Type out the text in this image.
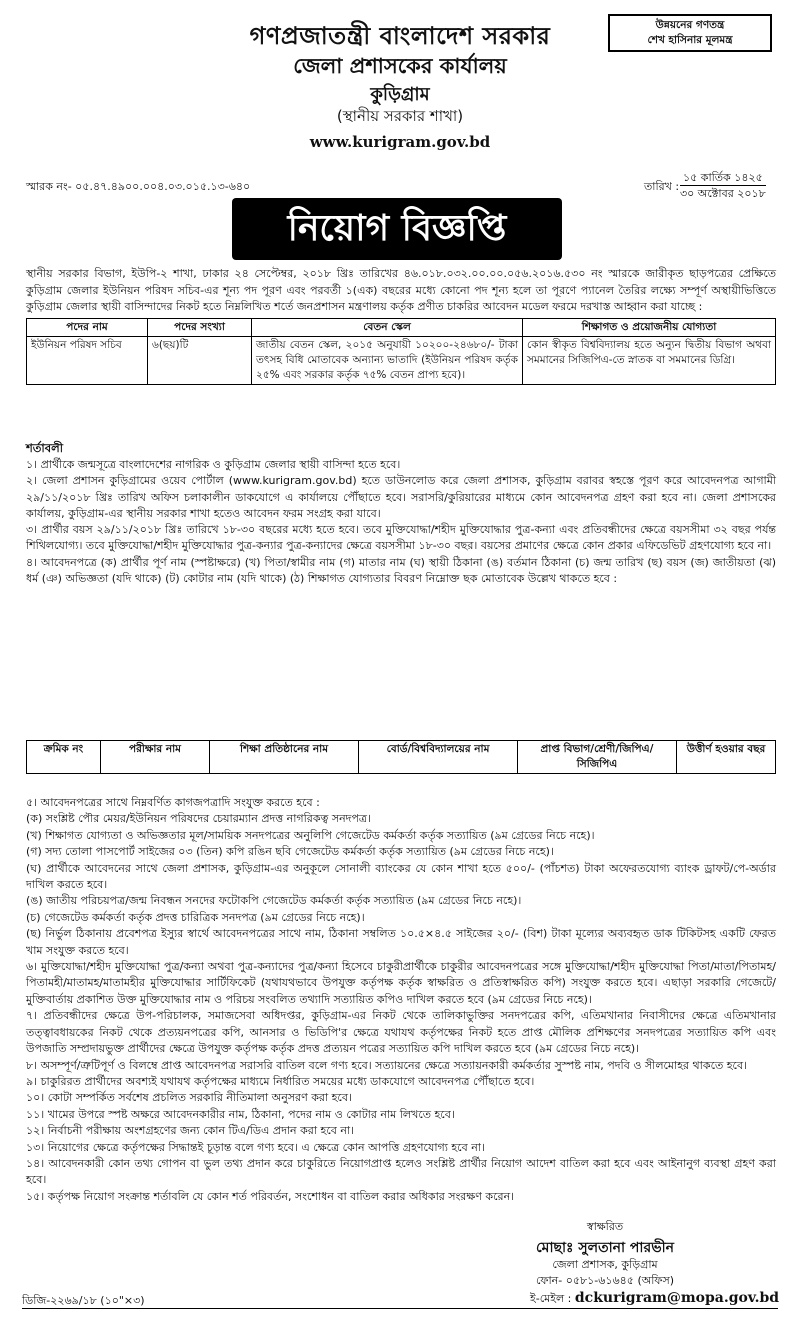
গণপ্রজাতন্ত্রী বাংলাদেশ সরকার
জেলা প্রশাসকের কার্যালয়
কুড়িগ্রাম
(স্থানীয় সরকার শাখা)
www.kurigram.gov.bd
উন্নয়নের গণতন্ত্র
শেখ হাসিনার মূলমন্ত্র
স্মারক নং- ০৫.৪৭.৪৯০০.০০৪.০৩.০১৫.১৩-৬৪০	তারিখ :
১৫ কার্তিক ১৪২৫
৩০ অক্টোবর ২০১৮
নিয়োগ বিজ্ঞপ্তি
স্থানীয় সরকার বিভাগ, ইউপি-২ শাখা, ঢাকার ২৪ সেপ্টেম্বর, ২০১৮ খ্রিঃ তারিখের ৪৬.০১৮.০৩২.০০.০০.০৫৬.২০১৬.৫৩০ নং স্মারকে জারীকৃত ছাড়পত্রের প্রেক্ষিতে কুড়িগ্রাম জেলার ইউনিয়ন পরিষদ সচিব-এর শূন্য পদ পূরণ এবং পরবর্তী ১(এক) বছরের মধ্যে কোনো পদ শূন্য হলে তা পূরণে প্যানেল তৈরির লক্ষ্যে সম্পূর্ণ অস্থায়ীভিত্তিতে কুড়িগ্রাম জেলার স্থায়ী বাসিন্দাদের নিকট হতে নিম্নলিখিত শর্তে জনপ্রশাসন মন্ত্রণালয় কর্তৃক প্রণীত চাকরির আবেদন মডেল ফরমে দরখাস্ত আহ্বান করা যাচ্ছে :
পদের নাম	পদের সংখ্যা	বেতন স্কেল	শিক্ষাগত ও প্রয়োজনীয় যোগ্যতা
ইউনিয়ন পরিষদ সচিব	৬(ছয়)টি	জাতীয় বেতন স্কেল, ২০১৫ অনুযায়ী ১০২০০-২৪৬৮০/- টাকা তৎসহ বিধি মোতাবেক অন্যান্য ভাতাদি (ইউনিয়ন পরিষদ কর্তৃক ২৫% এবং সরকার কর্তৃক ৭৫% বেতন প্রাপ্য হবে)।	কোন স্বীকৃত বিশ্ববিদ্যালয় হতে অন্যুন দ্বিতীয় বিভাগ অথবা সমমানের সিজিপিএ-তে স্নাতক বা সমমানের ডিগ্রি।
শর্তাবলী

১। প্রার্থীকে জন্মসূত্রে বাংলাদেশের নাগরিক ও কুড়িগ্রাম জেলার স্থায়ী বাসিন্দা হতে হবে।

২। জেলা প্রশাসন কুড়িগ্রামের ওয়েব পোর্টাল (www.kurigram.gov.bd) হতে ডাউনলোড করে জেলা প্রশাসক, কুড়িগ্রাম বরাবর স্বহস্তে পূরণ করে আবেদনপত্র আগামী ২৯/১১/২০১৮ খ্রিঃ তারিখ অফিস চলাকালীন ডাকযোগে এ কার্যালয়ে পৌঁছাতে হবে। সরাসরি/কুরিয়ারের মাধ্যমে কোন আবেদনপত্র গ্রহণ করা হবে না। জেলা প্রশাসকের কার্যালয়, কুড়িগ্রাম-এর স্থানীয় সরকার শাখা হতেও আবেদন ফরম সংগ্রহ করা যাবে।

৩। প্রার্থীর বয়স ২৯/১১/২০১৮ খ্রিঃ তারিখে ১৮-৩০ বছরের মধ্যে হতে হবে। তবে মুক্তিযোদ্ধা/শহীদ মুক্তিযোদ্ধার পুত্র-কন্যা এবং প্রতিবন্ধীদের ক্ষেত্রে বয়সসীমা ৩২ বছর পর্যন্ত শিথিলযোগ্য। তবে মুক্তিযোদ্ধা/শহীদ মুক্তিযোদ্ধার পুত্র-কন্যার পুত্র-কন্যাদের ক্ষেত্রে বয়সসীমা ১৮-৩০ বছর। বয়সের প্রমাণের ক্ষেত্রে কোন প্রকার এফিডেভিট গ্রহণযোগ্য হবে না।

৪। আবেদনপত্রে (ক) প্রার্থীর পূর্ণ নাম (স্পষ্টাক্ষরে) (খ) পিতা/স্বামীর নাম (গ) মাতার নাম (ঘ) স্থায়ী ঠিকানা (ঙ) বর্তমান ঠিকানা (চ) জন্ম তারিখ (ছ) বয়স (জ) জাতীয়তা (ঝ) ধর্ম (ঞ) অভিজ্ঞতা (যদি থাকে) (ট) কোটার নাম (যদি থাকে) (ঠ) শিক্ষাগত যোগ্যতার বিবরণ নিম্নোক্ত ছক মোতাবেক উল্লেখ থাকতে হবে :

ক্রমিক নং	পরীক্ষার নাম	শিক্ষা প্রতিষ্ঠানের নাম	বোর্ড/বিশ্ববিদ্যালয়ের নাম	প্রাপ্ত বিভাগ/শ্রেণী/জিপিএ/ সিজিপিএ	উত্তীর্ণ হওয়ার বছর

৫। আবেদনপত্রের সাথে নিম্নবর্ণিত কাগজপত্রাদি সংযুক্ত করতে হবে :

(ক) সংশ্লিষ্ট পৌর মেয়র/ইউনিয়ন পরিষদের চেয়ারম্যান প্রদত্ত নাগরিকত্ব সনদপত্র।

(খ) শিক্ষাগত যোগ্যতা ও অভিজ্ঞতার মূল/সাময়িক সনদপত্রের অনুলিপি গেজেটেড কর্মকর্তা কর্তৃক সত্যায়িত (৯ম গ্রেডের নিচে নহে)।

(গ) সদ্য তোলা পাসপোর্ট সাইজের ০৩ (তিন) কপি রঙিন ছবি গেজেটেড কর্মকর্তা কর্তৃক সত্যায়িত (৯ম গ্রেডের নিচে নহে)।

(ঘ) প্রার্থীকে আবেদনের সাথে জেলা প্রশাসক, কুড়িগ্রাম-এর অনুকূলে সোনালী ব্যাংকের যে কোন শাখা হতে ৫০০/- (পাঁচশত) টাকা অফেরতযোগ্য ব্যাংক ড্রাফট/পে-অর্ডার দাখিল করতে হবে।

(ঙ) জাতীয় পরিচয়পত্র/জন্ম নিবন্ধন সনদের ফটোকপি গেজেটেড কর্মকর্তা কর্তৃক সত্যায়িত (৯ম গ্রেডের নিচে নহে)।

(চ) গেজেটেড কর্মকর্তা কর্তৃক প্রদত্ত চারিত্রিক সনদপত্র (৯ম গ্রেডের নিচে নহে)।

(ছ) নির্ভুল ঠিকানায় প্রবেশপত্র ইস্যুর স্বার্থে আবেদনপত্রের সাথে নাম, ঠিকানা সম্বলিত ১০.৫×৪.৫ সাইজের ২০/- (বিশ) টাকা মূল্যের অব্যবহৃত ডাক টিকিটসহ একটি ফেরত খাম সংযুক্ত করতে হবে।

৬। মুক্তিযোদ্ধা/শহীদ মুক্তিযোদ্ধা পুত্র/কন্যা অথবা পুত্র-কন্যাদের পুত্র/কন্যা হিসেবে চাকুরীপ্রার্থীকে চাকুরীর আবেদনপত্রের সঙ্গে মুক্তিযোদ্ধা/শহীদ মুক্তিযোদ্ধা পিতা/মাতা/পিতামহ/পিতামহী/মাতামহ/মাতামহীর মুক্তিযোদ্ধার সার্টিফিকেট (যথাযথভাবে উপযুক্ত কর্তৃপক্ষ কর্তৃক স্বাক্ষরিত ও প্রতিস্বাক্ষরিত কপি) সংযুক্ত করতে হবে। এছাড়া সরকারি গেজেটে/মুক্তিবার্তায় প্রকাশিত উক্ত মুক্তিযোদ্ধার নাম ও পরিচয় সংবলিত তথ্যাদি সত্যায়িত কপিও দাখিল করতে হবে (৯ম গ্রেডের নিচে নহে)।

৭। প্রতিবন্ধীদের ক্ষেত্রে উপ-পরিচালক, সমাজসেবা অধিদপ্তর, কুড়িগ্রাম-এর নিকট থেকে তালিকাভুক্তির সনদপত্রের কপি, এতিমখানার নিবাসীদের ক্ষেত্রে এতিমখানার তত্ত্বাবধায়কের নিকট থেকে প্রত্যয়নপত্রের কপি, আনসার ও ভিডিপি'র ক্ষেত্রে যথাযথ কর্তৃপক্ষের নিকট হতে প্রাপ্ত মৌলিক প্রশিক্ষণের সনদপত্রের সত্যায়িত কপি এবং উপজাতি সম্প্রদায়ভুক্ত প্রার্থীদের ক্ষেত্রে উপযুক্ত কর্তৃপক্ষ কর্তৃক প্রদত্ত প্রত্যয়ন পত্রের সত্যায়িত কপি দাখিল করতে হবে (৯ম গ্রেডের নিচে নহে)।

৮। অসম্পূর্ণ/ত্রুটিপূর্ণ ও বিলম্বে প্রাপ্ত আবেদনপত্র সরাসরি বাতিল বলে গণ্য হবে। সত্যায়নের ক্ষেত্রে সত্যায়নকারী কর্মকর্তার সুস্পষ্ট নাম, পদবি ও সীলমোহর থাকতে হবে।

৯। চাকুরিরত প্রার্থীদের অবশ্যই যথাযথ কর্তৃপক্ষের মাধ্যমে নির্ধারিত সময়ের মধ্যে ডাকযোগে আবেদনপত্র পৌঁছাতে হবে।

১০। কোটা সম্পর্কিত সর্বশেষ প্রচলিত সরকারি নীতিমালা অনুসরণ করা হবে।

১১। খামের উপরে স্পষ্ট অক্ষরে আবেদনকারীর নাম, ঠিকানা, পদের নাম ও কোটার নাম লিখতে হবে।

১২। নির্বাচনী পরীক্ষায় অংশগ্রহণের জন্য কোন টিএ/ডিএ প্রদান করা হবে না।

১৩। নিয়োগের ক্ষেত্রে কর্তৃপক্ষের সিদ্ধান্তই চূড়ান্ত বলে গণ্য হবে। এ ক্ষেত্রে কোন আপত্তি গ্রহণযোগ্য হবে না।

১৪। আবেদনকারী কোন তথ্য গোপন বা ভুল তথ্য প্রদান করে চাকুরিতে নিয়োগপ্রাপ্ত হলেও সংশ্লিষ্ট প্রার্থীর নিয়োগ আদেশ বাতিল করা হবে এবং আইনানুগ ব্যবস্থা গ্রহণ করা হবে।

১৫। কর্তৃপক্ষ নিয়োগ সংক্রান্ত শর্তাবলি যে কোন শর্ত পরিবর্তন, সংশোধন বা বাতিল করার অধিকার সংরক্ষণ করেন।

স্বাক্ষরিত
মোছাঃ সুলতানা পারভীন
জেলা প্রশাসক, কুড়িগ্রাম
ফোন- ০৫৮১-৬১৬৪৫ (অফিস)
ই-মেইল : dckurigram@mopa.gov.bd
ডিজি-২২৬৯/১৮ (১০"×৩)
